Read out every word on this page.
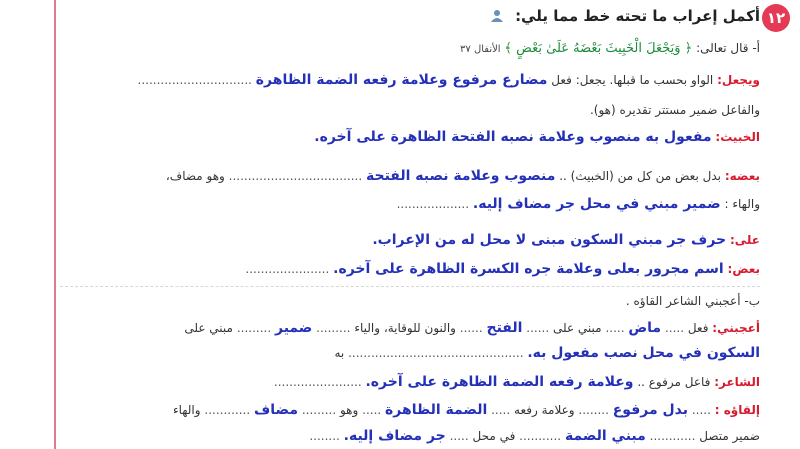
١٢
أكمل إعراب ما تحته خط مما يلي:
أ- قال تعالى: ﴿ وَيَجْعَلَ الْخَبِيثَ بَعْضَهُ عَلَىٰ بَعْضٍ ﴾ الأنفال ٣٧
ويجعل: الواو بحسب ما قبلها. يجعل: فعل مضارع مرفوع وعلامة رفعه الضمة الظاهرة ..............................
والفاعل ضمير مستتر تقديره (هو).
الخبيث: مفعول به منصوب وعلامة نصبه الفتحة الظاهرة على آخره.
بعضه: بدل بعض من كل من (الخبيث) .. منصوب وعلامة نصبه الفتحة ................................... وهو مضاف،
والهاء : ضمير مبني في محل جر مضاف إليه. ...................
على: حرف جر مبني السكون مبنى لا محل له من الإعراب.
بعض: اسم مجرور بعلى وعلامة جره الكسرة الظاهرة على آخره. ......................
ب- أعجبني الشاعر القاؤه .
أعجبني: فعل ..... ماض ..... مبني على ...... الفتح ...... والنون للوقاية، والياء ......... ضمير ......... مبني على
السكون في محل نصب مفعول به. .............................................. به
الشاعر: فاعل مرفوع .. وعلامة رفعه الضمة الظاهرة على آخره. .......................
إلقاؤه : ..... بدل مرفوع ........ وعلامة رفعه ..... الضمة الظاهرة ..... وهو ......... مضاف ............ والهاء
ضمير متصل ............ مبني الضمة ........... في محل ..... جر مضاف إليه. ........
